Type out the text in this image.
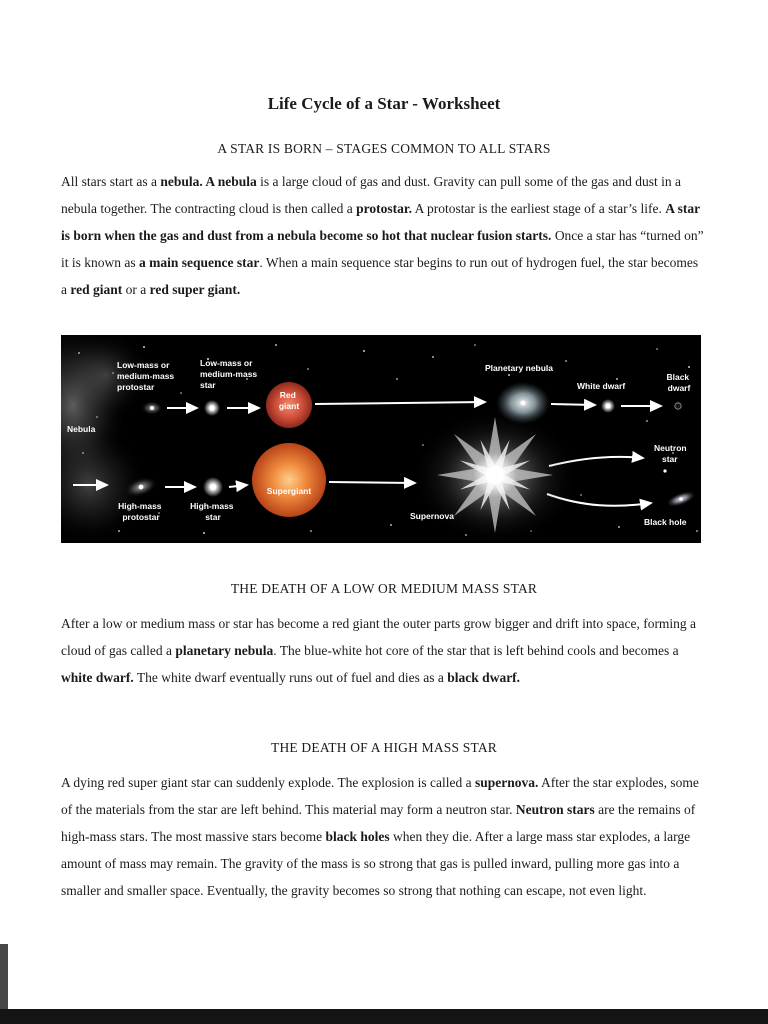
Life Cycle of a Star - Worksheet
A STAR IS BORN – STAGES COMMON TO ALL STARS

All stars start as a nebula. A nebula is a large cloud of gas and dust. Gravity can pull some of the gas and dust in a nebula together. The contracting cloud is then called a protostar. A protostar is the earliest stage of a star’s life. A star is born when the gas and dust from a nebula become so hot that nuclear fusion starts. Once a star has “turned on” it is known as a main sequence star. When a main sequence star begins to run out of hydrogen fuel, the star becomes a red giant or a red super giant.

Nebula
Low-mass or medium-mass protostar
Low-mass or medium-mass star
Red giant
Planetary nebula
White dwarf
Black dwarf
Neutron star
High-mass protostar
High-mass star
Supergiant
Supernova
Black hole
THE DEATH OF A LOW OR MEDIUM MASS STAR

After a low or medium mass or star has become a red giant the outer parts grow bigger and drift into space, forming a cloud of gas called a planetary nebula. The blue-white hot core of the star that is left behind cools and becomes a white dwarf. The white dwarf eventually runs out of fuel and dies as a black dwarf.

THE DEATH OF A HIGH MASS STAR

A dying red super giant star can suddenly explode. The explosion is called a supernova. After the star explodes, some of the materials from the star are left behind. This material may form a neutron star. Neutron stars are the remains of high-mass stars. The most massive stars become black holes when they die. After a large mass star explodes, a large amount of mass may remain. The gravity of the mass is so strong that gas is pulled inward, pulling more gas into a smaller and smaller space. Eventually, the gravity becomes so strong that nothing can escape, not even light.
